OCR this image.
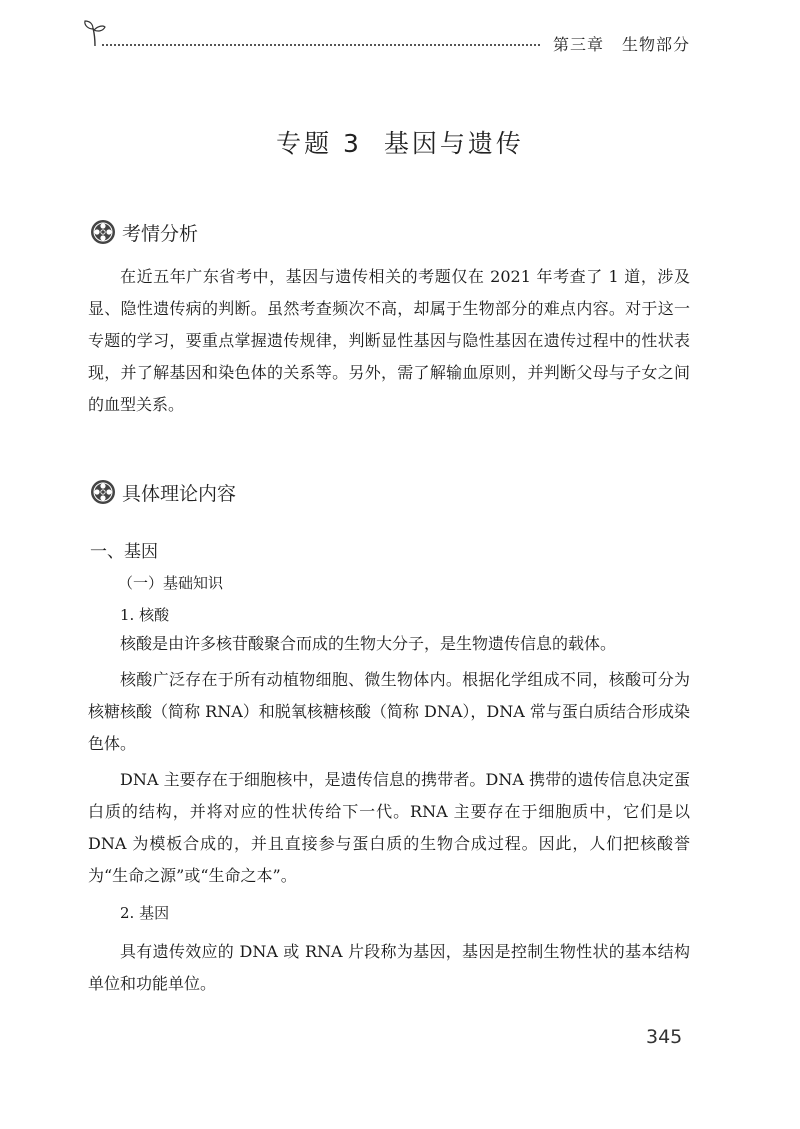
第三章 生物部分
专题 3 基因与遗传
考情分析

在近五年广东省考中，基因与遗传相关的考题仅在 2021 年考查了 1 道，涉及显、隐性遗传病的判断。虽然考查频次不高，却属于生物部分的难点内容。对于这一专题的学习，要重点掌握遗传规律，判断显性基因与隐性基因在遗传过程中的性状表现，并了解基因和染色体的关系等。另外，需了解输血原则，并判断父母与子女之间的血型关系。

具体理论内容
一、基因
（一）基础知识
1. 核酸

核酸是由许多核苷酸聚合而成的生物大分子，是生物遗传信息的载体。

核酸广泛存在于所有动植物细胞、微生物体内。根据化学组成不同，核酸可分为核糖核酸（简称 RNA）和脱氧核糖核酸（简称 DNA），DNA 常与蛋白质结合形成染色体。

DNA 主要存在于细胞核中，是遗传信息的携带者。DNA 携带的遗传信息决定蛋白质的结构，并将对应的性状传给下一代。RNA 主要存在于细胞质中，它们是以 DNA 为模板合成的，并且直接参与蛋白质的生物合成过程。因此，人们把核酸誉为“生命之源”或“生命之本”。

2. 基因

具有遗传效应的 DNA 或 RNA 片段称为基因，基因是控制生物性状的基本结构单位和功能单位。

345
